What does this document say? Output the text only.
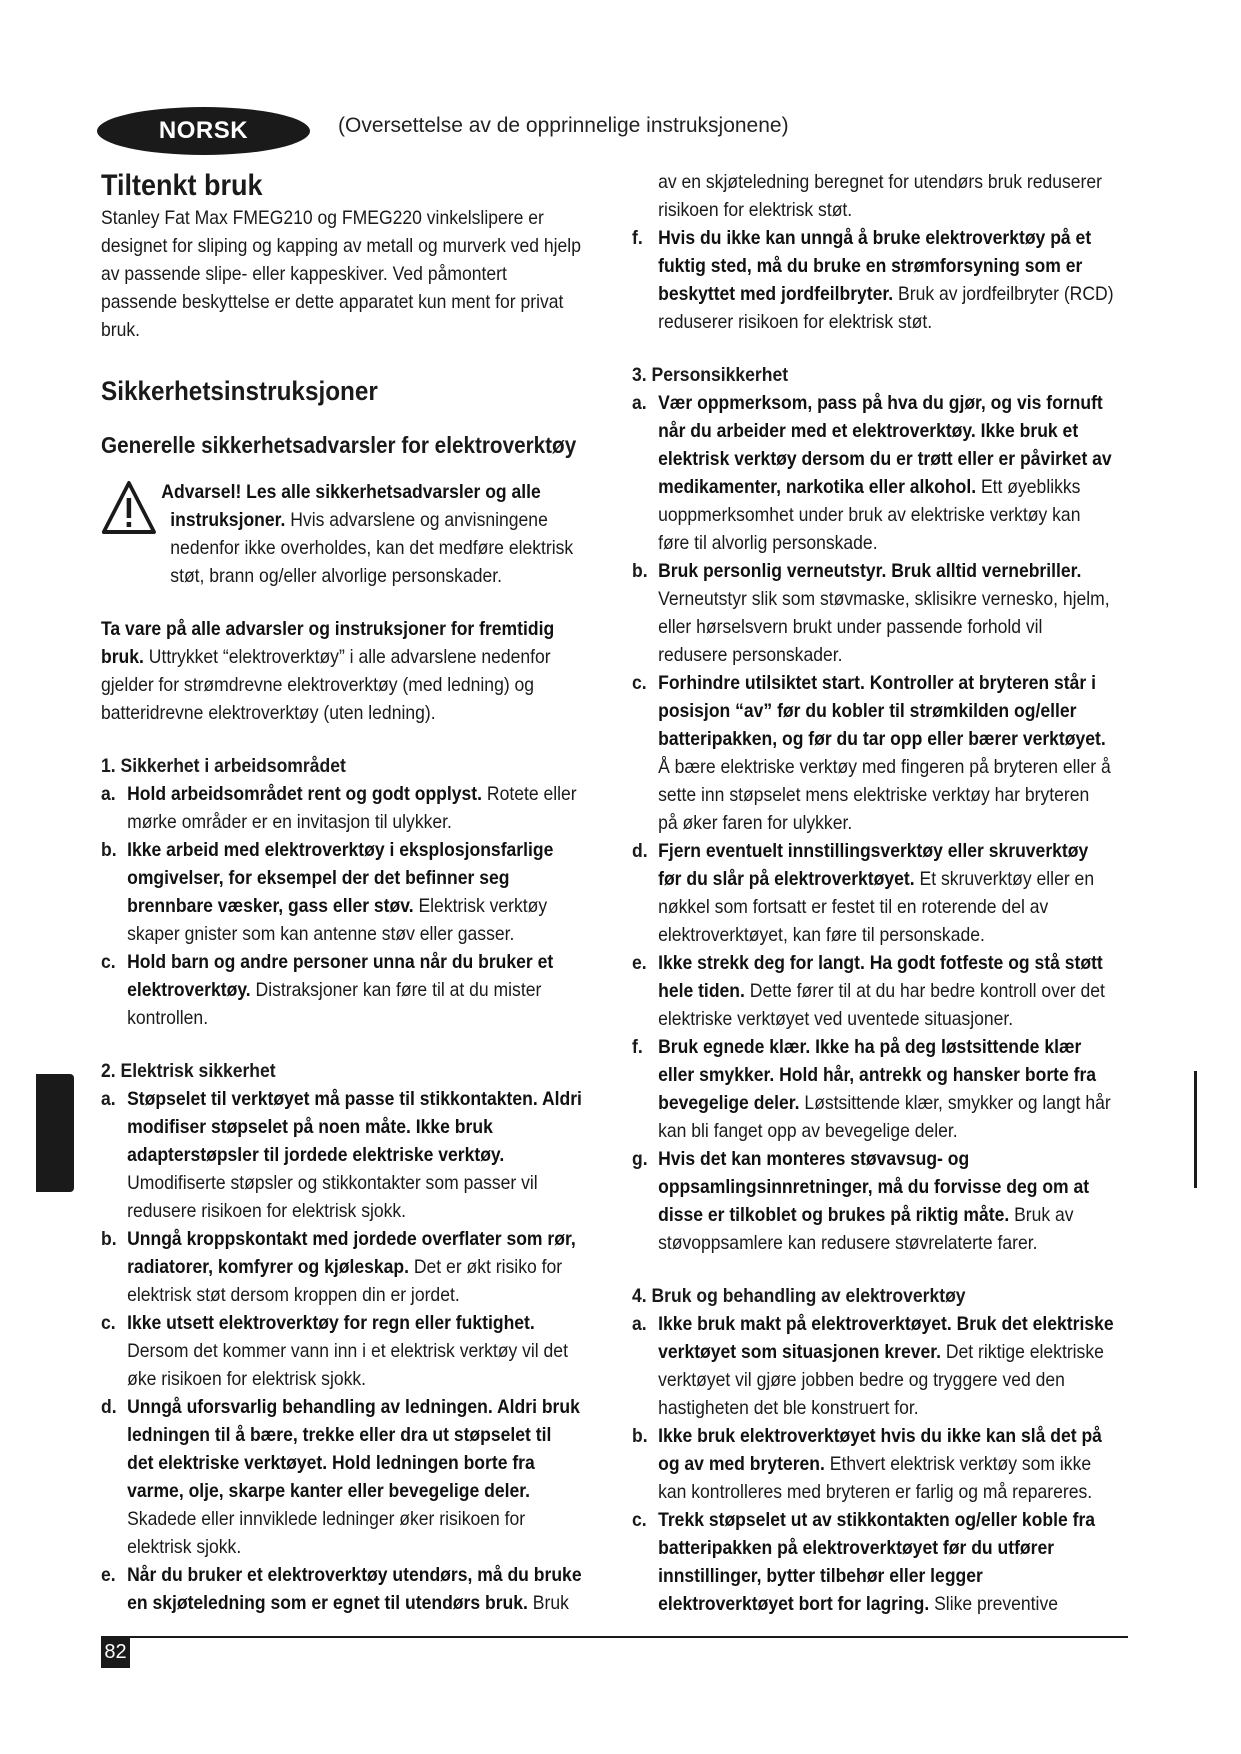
NORSK	(Oversettelse av de opprinnelige instruksjonene)

Tiltenkt bruk

Stanley Fat Max FMEG210 og FMEG220 vinkelslipere er

designet for sliping og kapping av metall og murverk ved hjelp

av passende slipe- eller kappeskiver. Ved påmontert

passende beskyttelse er dette apparatet kun ment for privat

bruk.

Sikkerhetsinstruksjoner

Generelle sikkerhetsadvarsler for elektroverktøy

Advarsel! Les alle sikkerhetsadvarsler og alle

instruksjoner. Hvis advarslene og anvisningene

nedenfor ikke overholdes, kan det medføre elektrisk

støt, brann og/eller alvorlige personskader.

Ta vare på alle advarsler og instruksjoner for fremtidig

bruk. Uttrykket “elektroverktøy” i alle advarslene nedenfor

gjelder for strømdrevne elektroverktøy (med ledning) og

batteridrevne elektroverktøy (uten ledning).

1. Sikkerhet i arbeidsområdet

a. Hold arbeidsområdet rent og godt opplyst. Rotete eller

mørke områder er en invitasjon til ulykker.

b. Ikke arbeid med elektroverktøy i eksplosjonsfarlige

omgivelser, for eksempel der det befinner seg

brennbare væsker, gass eller støv. Elektrisk verktøy

skaper gnister som kan antenne støv eller gasser.

c. Hold barn og andre personer unna når du bruker et

elektroverktøy. Distraksjoner kan føre til at du mister

kontrollen.

2. Elektrisk sikkerhet

a. Støpselet til verktøyet må passe til stikkontakten. Aldri

modifiser støpselet på noen måte. Ikke bruk

adapterstøpsler til jordede elektriske verktøy.

Umodifiserte støpsler og stikkontakter som passer vil

redusere risikoen for elektrisk sjokk.

b. Unngå kroppskontakt med jordede overflater som rør,

radiatorer, komfyrer og kjøleskap. Det er økt risiko for

elektrisk støt dersom kroppen din er jordet.

c. Ikke utsett elektroverktøy for regn eller fuktighet.

Dersom det kommer vann inn i et elektrisk verktøy vil det

øke risikoen for elektrisk sjokk.

d. Unngå uforsvarlig behandling av ledningen. Aldri bruk

ledningen til å bære, trekke eller dra ut støpselet til

det elektriske verktøyet. Hold ledningen borte fra

varme, olje, skarpe kanter eller bevegelige deler.

Skadede eller innviklede ledninger øker risikoen for

elektrisk sjokk.

e. Når du bruker et elektroverktøy utendørs, må du bruke

en skjøteledning som er egnet til utendørs bruk. Bruk

av en skjøteledning beregnet for utendørs bruk reduserer

risikoen for elektrisk støt.

f. Hvis du ikke kan unngå å bruke elektroverktøy på et

fuktig sted, må du bruke en strømforsyning som er

beskyttet med jordfeilbryter. Bruk av jordfeilbryter (RCD)

reduserer risikoen for elektrisk støt.

3. Personsikkerhet

a. Vær oppmerksom, pass på hva du gjør, og vis fornuft

når du arbeider med et elektroverktøy. Ikke bruk et

elektrisk verktøy dersom du er trøtt eller er påvirket av

medikamenter, narkotika eller alkohol. Ett øyeblikks

uoppmerksomhet under bruk av elektriske verktøy kan

føre til alvorlig personskade.

b. Bruk personlig verneutstyr. Bruk alltid vernebriller.

Verneutstyr slik som støvmaske, sklisikre vernesko, hjelm,

eller hørselsvern brukt under passende forhold vil

redusere personskader.

c. Forhindre utilsiktet start. Kontroller at bryteren står i

posisjon “av” før du kobler til strømkilden og/eller

batteripakken, og før du tar opp eller bærer verktøyet.

Å bære elektriske verktøy med fingeren på bryteren eller å

sette inn støpselet mens elektriske verktøy har bryteren

på øker faren for ulykker.

d. Fjern eventuelt innstillingsverktøy eller skruverktøy

før du slår på elektroverktøyet. Et skruverktøy eller en

nøkkel som fortsatt er festet til en roterende del av

elektroverktøyet, kan føre til personskade.

e. Ikke strekk deg for langt. Ha godt fotfeste og stå støtt

hele tiden. Dette fører til at du har bedre kontroll over det

elektriske verktøyet ved uventede situasjoner.

f. Bruk egnede klær. Ikke ha på deg løstsittende klær

eller smykker. Hold hår, antrekk og hansker borte fra

bevegelige deler. Løstsittende klær, smykker og langt hår

kan bli fanget opp av bevegelige deler.

g. Hvis det kan monteres støvavsug- og

oppsamlingsinnretninger, må du forvisse deg om at

disse er tilkoblet og brukes på riktig måte. Bruk av

støvoppsamlere kan redusere støvrelaterte farer.

4. Bruk og behandling av elektroverktøy

a. Ikke bruk makt på elektroverktøyet. Bruk det elektriske

verktøyet som situasjonen krever. Det riktige elektriske

verktøyet vil gjøre jobben bedre og tryggere ved den

hastigheten det ble konstruert for.

b. Ikke bruk elektroverktøyet hvis du ikke kan slå det på

og av med bryteren. Ethvert elektrisk verktøy som ikke

kan kontrolleres med bryteren er farlig og må repareres.

c. Trekk støpselet ut av stikkontakten og/eller koble fra

batteripakken på elektroverktøyet før du utfører

innstillinger, bytter tilbehør eller legger

elektroverktøyet bort for lagring. Slike preventive

82
